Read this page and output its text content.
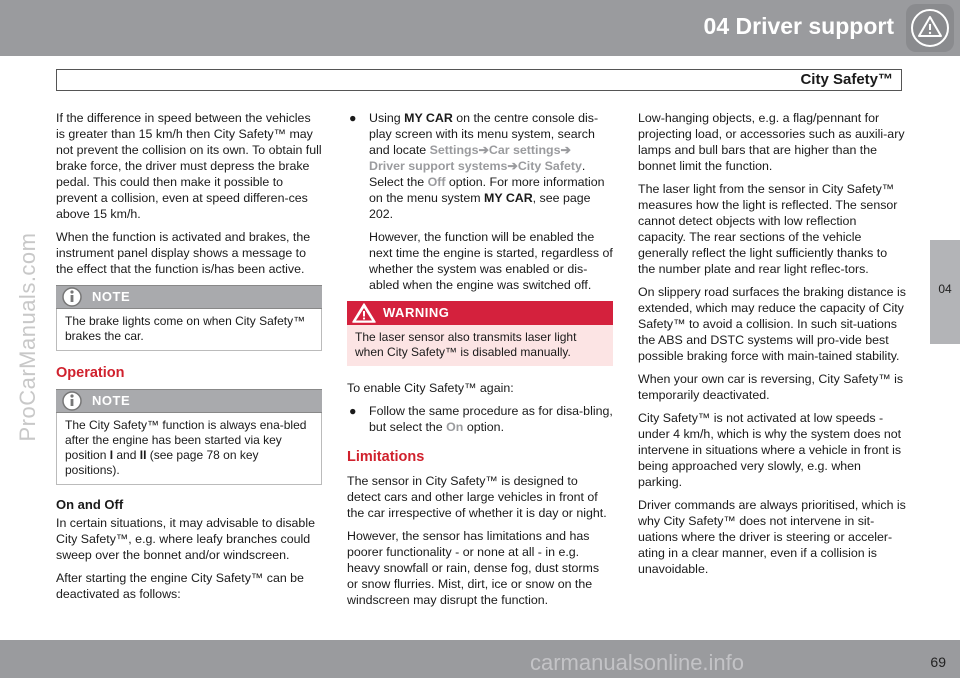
04 Driver support
City Safety™
04
ProCarManuals.com

If the difference in speed between the vehicles is greater than 15 km/h then City Safety™ may not prevent the collision on its own. To obtain full brake force, the driver must depress the brake pedal. This could then make it possible to prevent a collision, even at speed differen-ces above 15 km/h.

When the function is activated and brakes, the instrument panel display shows a message to the effect that the function is/has been active.

NOTE
The brake lights come on when City Safety™ brakes the car.
Operation
NOTE
The City Safety™ function is always ena-bled after the engine has been started via key position I and II (see page 78 on key positions).
On and Off

In certain situations, it may advisable to disable City Safety™, e.g. where leafy branches could sweep over the bonnet and/or windscreen.

After starting the engine City Safety™ can be deactivated as follows:

● Using MY CAR on the centre console dis-play screen with its menu system, search and locate Settings➔Car settings➔
Driver support systems➔City Safety. Select the Off option. For more information on the menu system MY CAR, see page 202.

However, the function will be enabled the next time the engine is started, regardless of whether the system was enabled or dis-abled when the engine was switched off.

WARNING
The laser sensor also transmits laser light when City Safety™ is disabled manually.

To enable City Safety™ again:

● Follow the same procedure as for disa-bling, but select the On option.
Limitations

The sensor in City Safety™ is designed to detect cars and other large vehicles in front of the car irrespective of whether it is day or night.

However, the sensor has limitations and has poorer functionality - or none at all - in e.g. heavy snowfall or rain, dense fog, dust storms or snow flurries. Mist, dirt, ice or snow on the windscreen may disrupt the function.

Low-hanging objects, e.g. a flag/pennant for projecting load, or accessories such as auxili-ary lamps and bull bars that are higher than the bonnet limit the function.

The laser light from the sensor in City Safety™ measures how the light is reflected. The sensor cannot detect objects with low reflection capacity. The rear sections of the vehicle generally reflect the light sufficiently thanks to the number plate and rear light reflec-tors.

On slippery road surfaces the braking distance is extended, which may reduce the capacity of City Safety™ to avoid a collision. In such sit-uations the ABS and DSTC systems will pro-vide best possible braking force with main-tained stability.

When your own car is reversing, City Safety™ is temporarily deactivated.

City Safety™ is not activated at low speeds - under 4 km/h, which is why the system does not intervene in situations where a vehicle in front is being approached very slowly, e.g. when parking.

Driver commands are always prioritised, which is why City Safety™ does not intervene in sit-uations where the driver is steering or acceler-ating in a clear manner, even if a collision is unavoidable.

carmanualsonline.info	69
